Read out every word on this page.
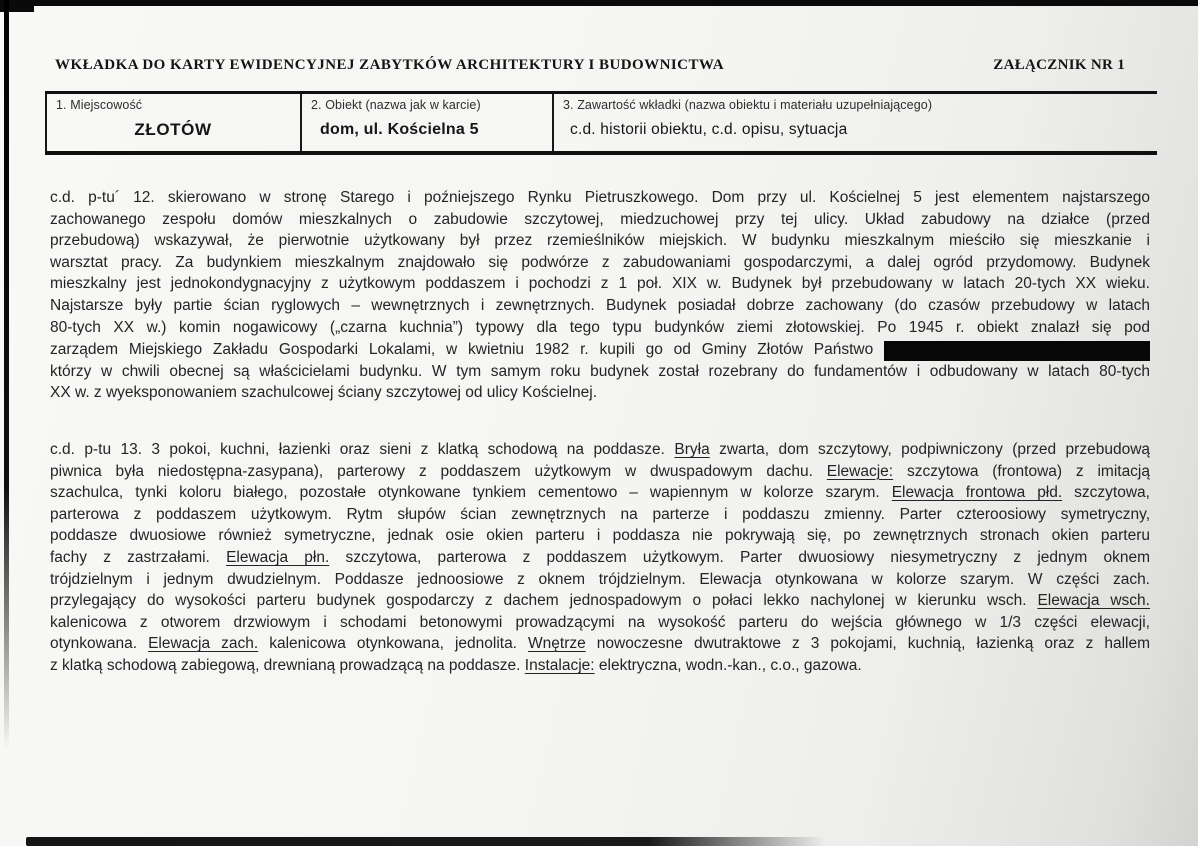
WKŁADKA DO KARTY EWIDENCYJNEJ ZABYTKÓW ARCHITEKTURY I BUDOWNICTWA	ZAŁĄCZNIK NR 1
1. Miejscowość
ZŁOTÓW
2. Obiekt (nazwa jak w karcie)
dom, ul. Kościelna 5
3. Zawartość wkładki (nazwa obiektu i materiału uzupełniającego)
c.d. historii obiektu, c.d. opisu, sytuacja
c.d. p-tu´ 12. skierowano w stronę Starego i poźniejszego Rynku Pietruszkowego. Dom przy ul. Kościelnej 5 jest elementem najstarszego
zachowanego zespołu domów mieszkalnych o zabudowie szczytowej, miedzuchowej przy tej ulicy. Układ zabudowy na działce (przed
przebudową) wskazywał, że pierwotnie użytkowany był przez rzemieślników miejskich. W budynku mieszkalnym mieściło się mieszkanie i
warsztat pracy. Za budynkiem mieszkalnym znajdowało się podwórze z zabudowaniami gospodarczymi, a dalej ogród przydomowy. Budynek
mieszkalny jest jednokondygnacyjny z użytkowym poddaszem i pochodzi z 1 poł. XIX w. Budynek był przebudowany w latach 20-tych XX wieku.
Najstarsze były partie ścian ryglowych – wewnętrznych i zewnętrznych. Budynek posiadał dobrze zachowany (do czasów przebudowy w latach
80-tych XX w.) komin nogawicowy („czarna kuchnia”) typowy dla tego typu budynków ziemi złotowskiej. Po 1945 r. obiekt znalazł się pod
zarządem Miejskiego Zakładu Gospodarki Lokalami, w kwietniu 1982 r. kupili go od Gminy Złotów Państwo
którzy w chwili obecnej są właścicielami budynku. W tym samym roku budynek został rozebrany do fundamentów i odbudowany w latach 80-tych
XX w. z wyeksponowaniem szachulcowej ściany szczytowej od ulicy Kościelnej.
c.d. p-tu 13. 3 pokoi, kuchni, łazienki oraz sieni z klatką schodową na poddasze. Bryła zwarta, dom szczytowy, podpiwniczony (przed przebudową
piwnica była niedostępna-zasypana), parterowy z poddaszem użytkowym w dwuspadowym dachu. Elewacje: szczytowa (frontowa) z imitacją
szachulca, tynki koloru białego, pozostałe otynkowane tynkiem cementowo – wapiennym w kolorze szarym. Elewacja frontowa płd. szczytowa,
parterowa z poddaszem użytkowym. Rytm słupów ścian zewnętrznych na parterze i poddaszu zmienny. Parter czteroosiowy symetryczny,
poddasze dwuosiowe również symetryczne, jednak osie okien parteru i poddasza nie pokrywają się, po zewnętrznych stronach okien parteru
fachy z zastrzałami. Elewacja płn. szczytowa, parterowa z poddaszem użytkowym. Parter dwuosiowy niesymetryczny z jednym oknem
trójdzielnym i jednym dwudzielnym. Poddasze jednoosiowe z oknem trójdzielnym. Elewacja otynkowana w kolorze szarym. W części zach.
przylegający do wysokości parteru budynek gospodarczy z dachem jednospadowym o połaci lekko nachylonej w kierunku wsch. Elewacja wsch.
kalenicowa z otworem drzwiowym i schodami betonowymi prowadzącymi na wysokość parteru do wejścia głównego w 1/3 części elewacji,
otynkowana. Elewacja zach. kalenicowa otynkowana, jednolita. Wnętrze nowoczesne dwutraktowe z 3 pokojami, kuchnią, łazienką oraz z hallem
z klatką schodową zabiegową, drewnianą prowadzącą na poddasze. Instalacje: elektryczna, wodn.-kan., c.o., gazowa.
